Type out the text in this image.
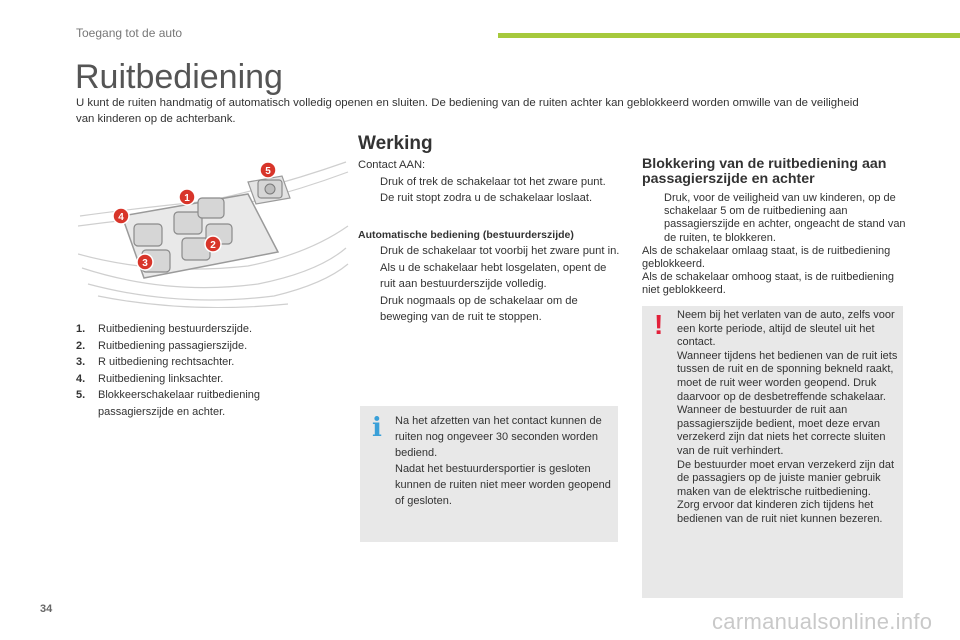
Toegang tot de auto
Ruitbediening
U kunt de ruiten handmatig of automatisch volledig openen en sluiten. De bediening van de ruiten achter kan geblokkeerd worden omwille van de veiligheid van kinderen op de achterbank.
1
2
3
4
5
1.	Ruitbediening bestuurderszijde.
2.	Ruitbediening passagierszijde.
3.	R uitbediening rechtsachter.
4.	Ruitbediening linksachter.
5.	Blokkeerschakelaar ruitbediening passagierszijde en achter.
Werking
Contact AAN:
Druk of trek de schakelaar tot het zware punt. De ruit stopt zodra u de schakelaar loslaat.
Automatische bediening (bestuurderszijde)
Druk de schakelaar tot voorbij het zware punt in. Als u de schakelaar hebt losgelaten, opent de ruit aan bestuurderszijde volledig.
Druk nogmaals op de schakelaar om de beweging van de ruit te stoppen.
i	Na het afzetten van het contact kunnen de ruiten nog ongeveer 30 seconden worden bediend.

Nadat het bestuurdersportier is gesloten kunnen de ruiten niet meer worden geopend of gesloten.

Blokkering van de ruitbediening aan passagierszijde en achter
Druk, voor de veiligheid van uw kinderen, op de schakelaar 5 om de ruitbediening aan passagierszijde en achter, ongeacht de stand van de ruiten, te blokkeren.
Als de schakelaar omlaag staat, is de ruitbediening geblokkeerd.
Als de schakelaar omhoog staat, is de ruitbediening niet geblokkeerd.
! Neem bij het verlaten van de auto, zelfs voor een korte periode, altijd de sleutel uit het contact.

Wanneer tijdens het bedienen van de ruit iets tussen de ruit en de sponning bekneld raakt, moet de ruit weer worden geopend. Druk daarvoor op de desbetreffende schakelaar.

Wanneer de bestuurder de ruit aan passagierszijde bedient, moet deze ervan verzekerd zijn dat niets het correcte sluiten van de ruit verhindert.

De bestuurder moet ervan verzekerd zijn dat de passagiers op de juiste manier gebruik maken van de elektrische ruitbediening.

Zorg ervoor dat kinderen zich tijdens het bedienen van de ruit niet kunnen bezeren.

34	carmanualsonline.info
